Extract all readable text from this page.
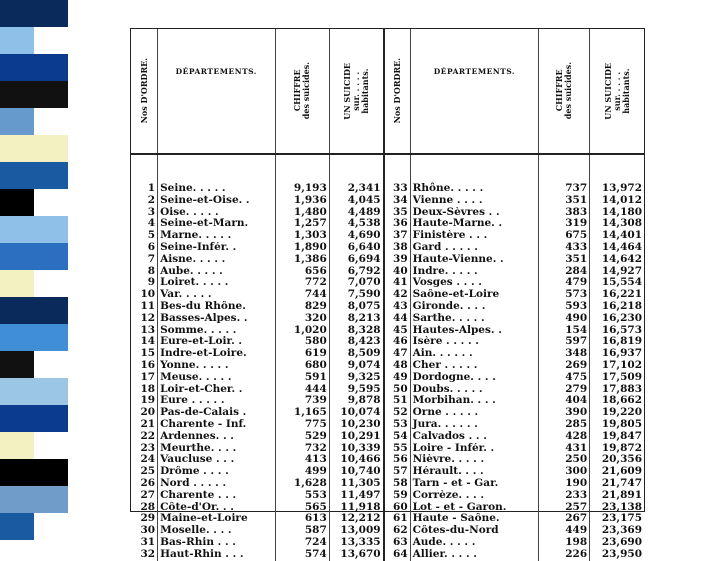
Nos D'ORDRE.	DÉPARTEMENTS.	CHIFFRE
des suicides.	UN SUICIDE
sur. . . . .
habitants.	Nos D'ORDRE.	DÉPARTEMENTS.	CHIFFRE
des suicides.	UN SUICIDE
sur. . . . .
habitants.

1	Seine. . . . .	9,193	2,341	33	Rhône. . . . .	737	13,972
2	Seine-et-Oise. .	1,936	4,045	34	Vienne . . . .	351	14,012
3	Oise. . . . .	1,480	4,489	35	Deux-Sèvres . .	383	14,180
4	Seine-et-Marn.	1,257	4,538	36	Haute-Marne. .	319	14,308
5	Marne. . . . .	1,303	4,690	37	Finistère . . .	675	14,401
6	Seine-Infér. .	1,890	6,640	38	Gard . . . . .	433	14,464
7	Aisne. . . . .	1,386	6,694	39	Haute-Vienne. .	351	14,642
8	Aube. . . . .	656	6,792	40	Indre. . . . .	284	14,927
9	Loiret. . . . .	772	7,070	41	Vosges . . . .	479	15,554
10	Var. . . . .	744	7,590	42	Saône-et-Loire	573	16,221
11	Bes-du Rhône.	829	8,075	43	Gironde. . . .	593	16,218
12	Basses-Alpes. .	320	8,213	44	Sarthe. . . . .	490	16,230
13	Somme. . . . .	1,020	8,328	45	Hautes-Alpes. .	154	16,573
14	Eure-et-Loir. .	580	8,423	46	Isère . . . . .	597	16,819
15	Indre-et-Loire.	619	8,509	47	Ain. . . . . .	348	16,937
16	Yonne. . . . .	680	9,074	48	Cher . . . . .	269	17,102
17	Meuse. . . . .	591	9,325	49	Dordogne. . . .	475	17,509
18	Loir-et-Cher. .	444	9,595	50	Doubs. . . . .	279	17,883
19	Eure . . . . .	739	9,878	51	Morbihan. . . .	404	18,662
20	Pas-de-Calais .	1,165	10,074	52	Orne . . . . .	390	19,220
21	Charente - Inf.	775	10,230	53	Jura. . . . . .	285	19,805
22	Ardennes. . .	529	10,291	54	Calvados . . .	428	19,847
23	Meurthe. . . .	732	10,339	55	Loire - Infér. .	431	19,872
24	Vaucluse . . .	413	10,466	56	Nièvre. . . . .	250	20,356
25	Drôme . . . .	499	10,740	57	Hérault. . . .	300	21,609
26	Nord . . . . .	1,628	11,305	58	Tarn - et - Gar.	190	21,747
27	Charente . . .	553	11,497	59	Corrèze. . . .	233	21,891
28	Côte-d'Or. . .	565	11,918	60	Lot - et - Garon.	257	23,138
29	Maine-et-Loire	613	12,212	61	Haute - Saône.	267	23,175
30	Moselle. . . .	587	13,009	62	Côtes-du-Nord	449	23,369
31	Bas-Rhin . . .	724	13,335	63	Aude. . . . .	198	23,690
32	Haut-Rhin . . .	574	13,670	64	Allier. . . . .	226	23,950
